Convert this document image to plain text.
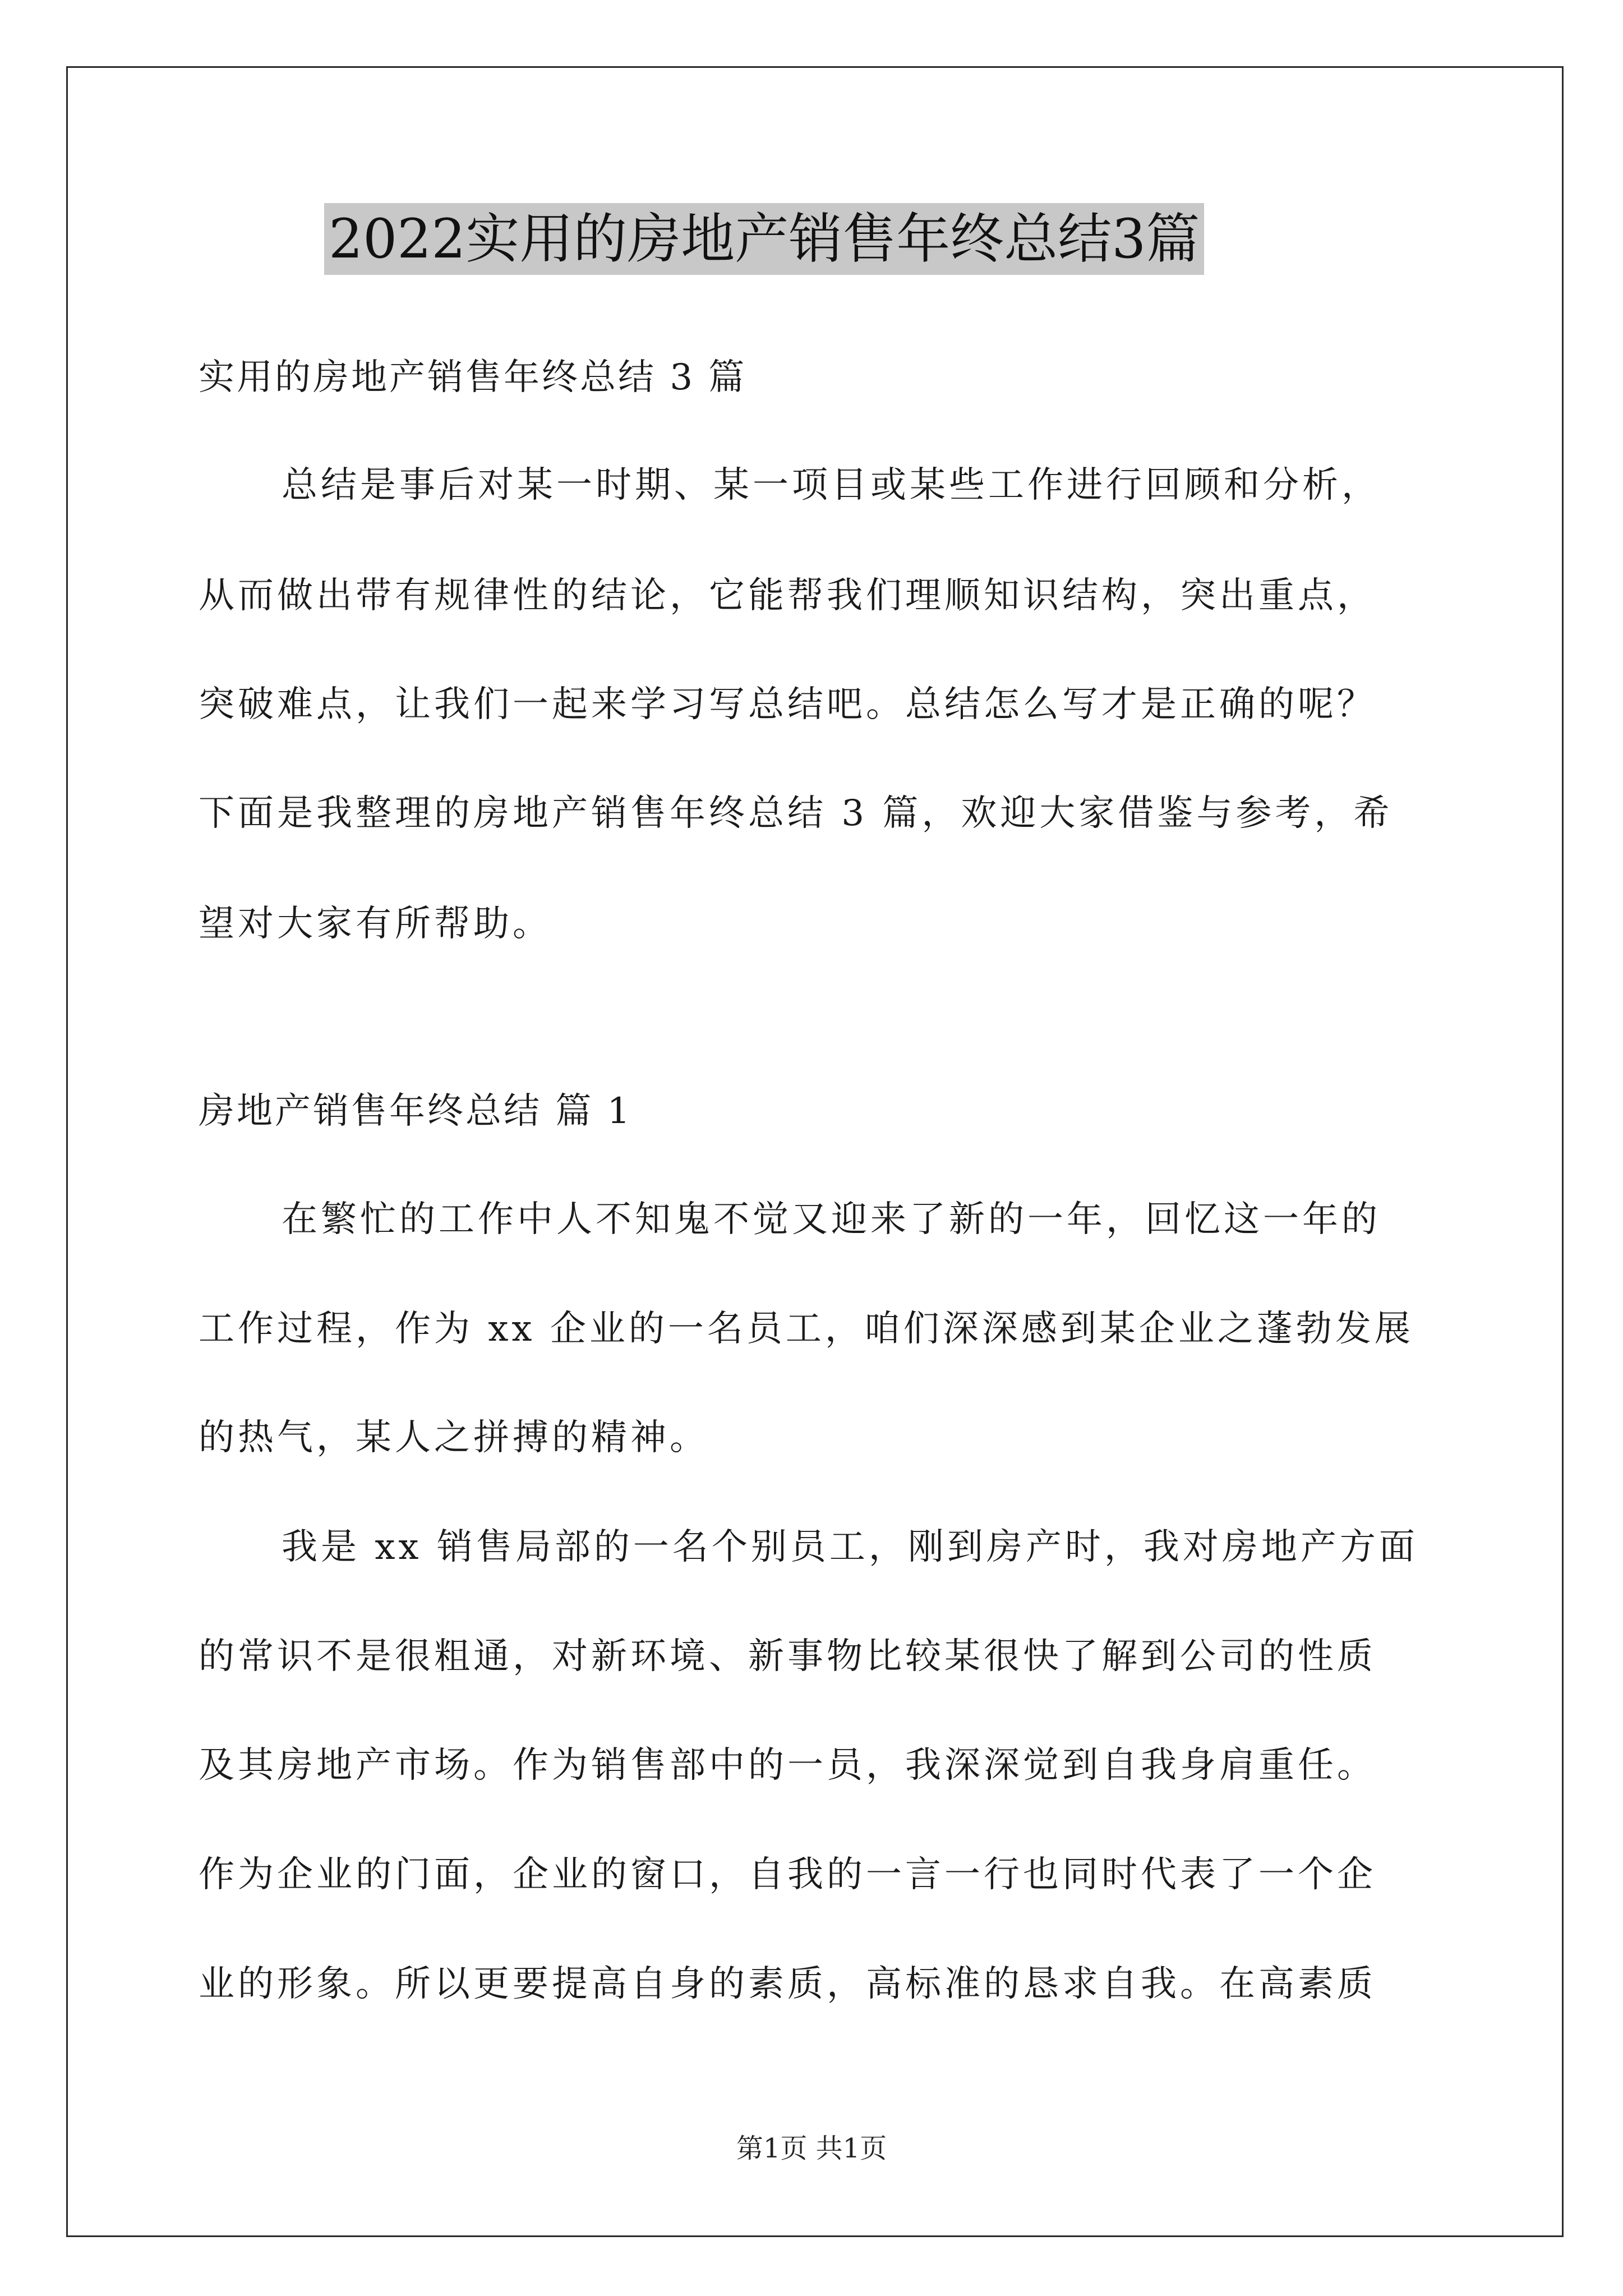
2022实用的房地产销售年终总结3篇
实用的房地产销售年终总结 3 篇
总结是事后对某一时期、某一项目或某些工作进行回顾和分析，
从而做出带有规律性的结论，它能帮我们理顺知识结构，突出重点，
突破难点，让我们一起来学习写总结吧。总结怎么写才是正确的呢？
下面是我整理的房地产销售年终总结 3 篇，欢迎大家借鉴与参考，希
望对大家有所帮助。
房地产销售年终总结 篇 1
在繁忙的工作中人不知鬼不觉又迎来了新的一年，回忆这一年的
工作过程，作为 xx 企业的一名员工，咱们深深感到某企业之蓬勃发展
的热气，某人之拼搏的精神。
我是 xx 销售局部的一名个别员工，刚到房产时，我对房地产方面
的常识不是很粗通，对新环境、新事物比较某很快了解到公司的性质
及其房地产市场。作为销售部中的一员，我深深觉到自我身肩重任。
作为企业的门面，企业的窗口，自我的一言一行也同时代表了一个企
业的形象。所以更要提高自身的素质，高标准的恳求自我。在高素质
第1页 共1页
